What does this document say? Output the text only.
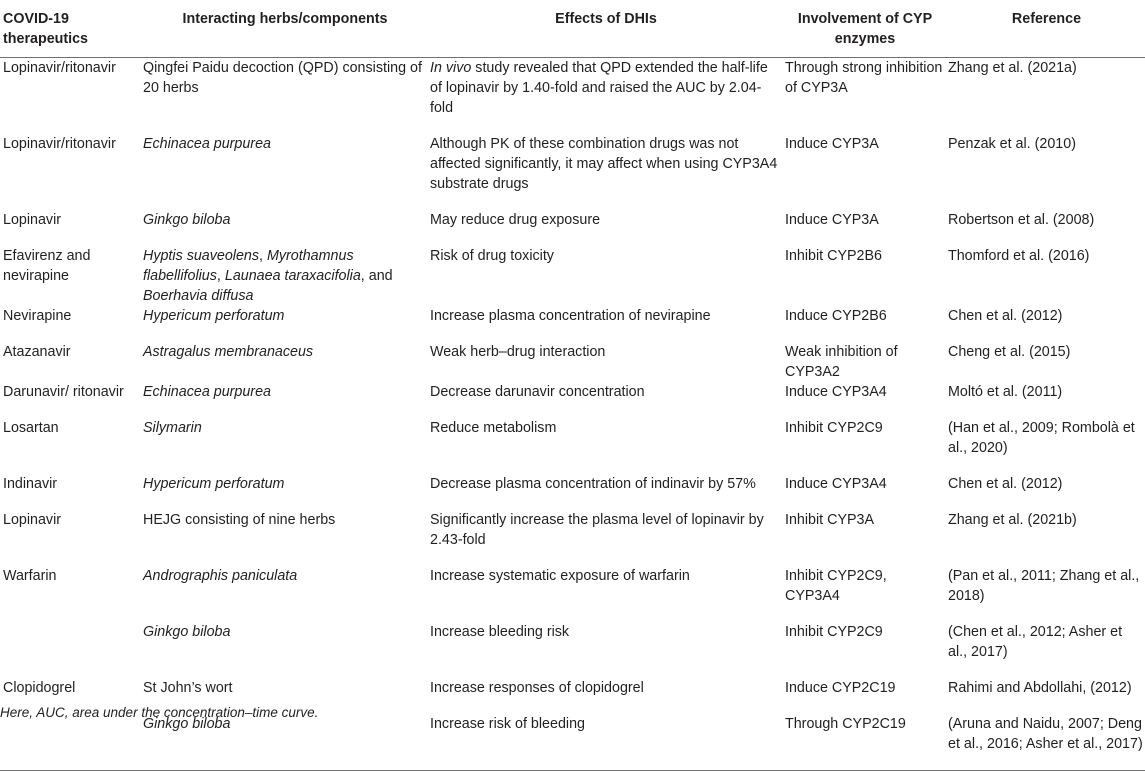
COVID-19 therapeutics	Interacting herbs/components	Effects of DHIs	Involvement of CYP enzymes	Reference
Lopinavir/ritonavir	Qingfei Paidu decoction (QPD) consisting of 20 herbs	In vivo study revealed that QPD extended the half-life of lopinavir by 1.40-fold and raised the AUC by 2.04-fold	Through strong inhibition of CYP3A	Zhang et al. (2021a)
Lopinavir/ritonavir	Echinacea purpurea	Although PK of these combination drugs was not affected significantly, it may affect when using CYP3A4 substrate drugs	Induce CYP3A	Penzak et al. (2010)
Lopinavir	Ginkgo biloba	May reduce drug exposure	Induce CYP3A	Robertson et al. (2008)
Efavirenz and nevirapine	Hyptis suaveolens, Myrothamnus flabellifolius, Launaea taraxacifolia, and Boerhavia diffusa	Risk of drug toxicity	Inhibit CYP2B6	Thomford et al. (2016)
Nevirapine	Hypericum perforatum	Increase plasma concentration of nevirapine	Induce CYP2B6	Chen et al. (2012)
Atazanavir	Astragalus membranaceus	Weak herb–drug interaction	Weak inhibition of CYP3A2	Cheng et al. (2015)
Darunavir/ ritonavir	Echinacea purpurea	Decrease darunavir concentration	Induce CYP3A4	Moltó et al. (2011)
Losartan	Silymarin	Reduce metabolism	Inhibit CYP2C9	(Han et al., 2009; Rombolà et al., 2020)
Indinavir	Hypericum perforatum	Decrease plasma concentration of indinavir by 57%	Induce CYP3A4	Chen et al. (2012)
Lopinavir	HEJG consisting of nine herbs	Significantly increase the plasma level of lopinavir by 2.43-fold	Inhibit CYP3A	Zhang et al. (2021b)
Warfarin	Andrographis paniculata	Increase systematic exposure of warfarin	Inhibit CYP2C9, CYP3A4	(Pan et al., 2011; Zhang et al., 2018)
	Ginkgo biloba	Increase bleeding risk	Inhibit CYP2C9	(Chen et al., 2012; Asher et al., 2017)
Clopidogrel	St John’s wort	Increase responses of clopidogrel	Induce CYP2C19	Rahimi and Abdollahi, (2012)
	Ginkgo biloba	Increase risk of bleeding	Through CYP2C19	(Aruna and Naidu, 2007; Deng et al., 2016; Asher et al., 2017)
Here, AUC, area under the concentration–time curve.
